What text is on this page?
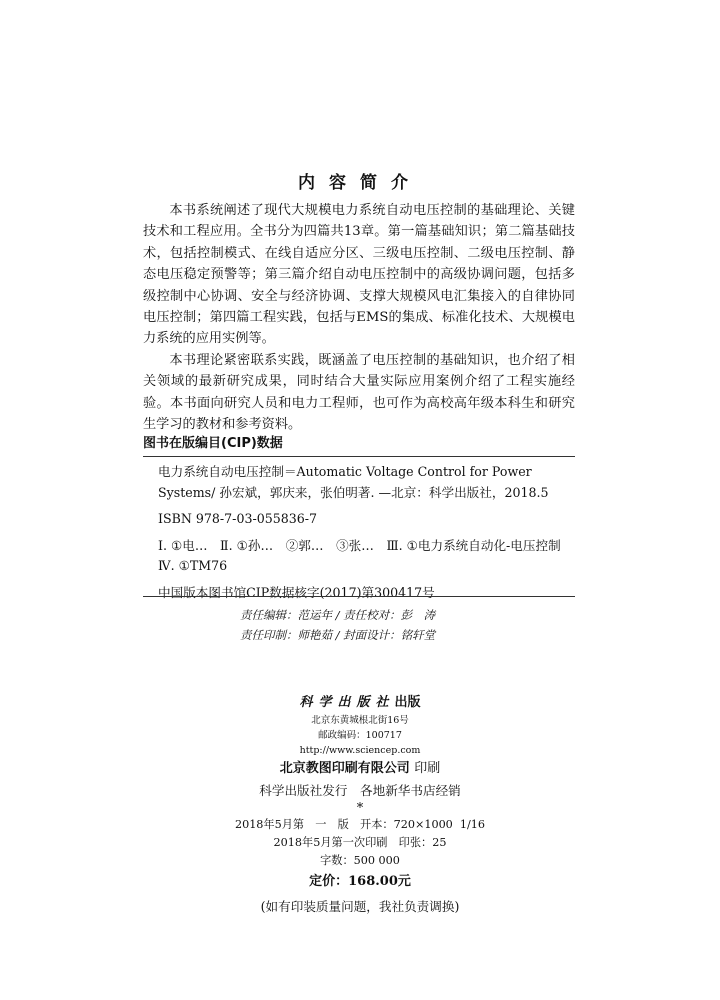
内容简介

本书系统阐述了现代大规模电力系统自动电压控制的基础理论、关键技术和工程应用。全书分为四篇共13章。第一篇基础知识；第二篇基础技术，包括控制模式、在线自适应分区、三级电压控制、二级电压控制、静态电压稳定预警等；第三篇介绍自动电压控制中的高级协调问题，包括多级控制中心协调、安全与经济协调、支撑大规模风电汇集接入的自律协同电压控制；第四篇工程实践，包括与EMS的集成、标准化技术、大规模电力系统的应用实例等。

本书理论紧密联系实践，既涵盖了电压控制的基础知识，也介绍了相关领域的最新研究成果，同时结合大量实际应用案例介绍了工程实施经验。本书面向研究人员和电力工程师，也可作为高校高年级本科生和研究生学习的教材和参考资料。

图书在版编目(CIP)数据
电力系统自动电压控制＝Automatic Voltage Control for Power Systems/ 孙宏斌，郭庆来，张伯明著. —北京：科学出版社，2018.5
ISBN 978-7-03-055836-7
Ⅰ. ①电…　Ⅱ. ①孙…　②郭…　③张…　Ⅲ. ①电力系统自动化-电压控制　Ⅳ. ①TM76
中国版本图书馆CIP数据核字(2017)第300417号
责任编辑：范运年 / 责任校对：彭　涛
责任印制：师艳茹 / 封面设计：铭轩堂
科学出版社出版
北京东黄城根北街16号
邮政编码：100717
http://www.sciencep.com
北京教图印刷有限公司 印刷
科学出版社发行　各地新华书店经销
*
2018年5月第　一　版　开本：720×1000  1/16
2018年5月第一次印刷　印张：25
字数：500 000
定价：168.00元
(如有印装质量问题，我社负责调换)
